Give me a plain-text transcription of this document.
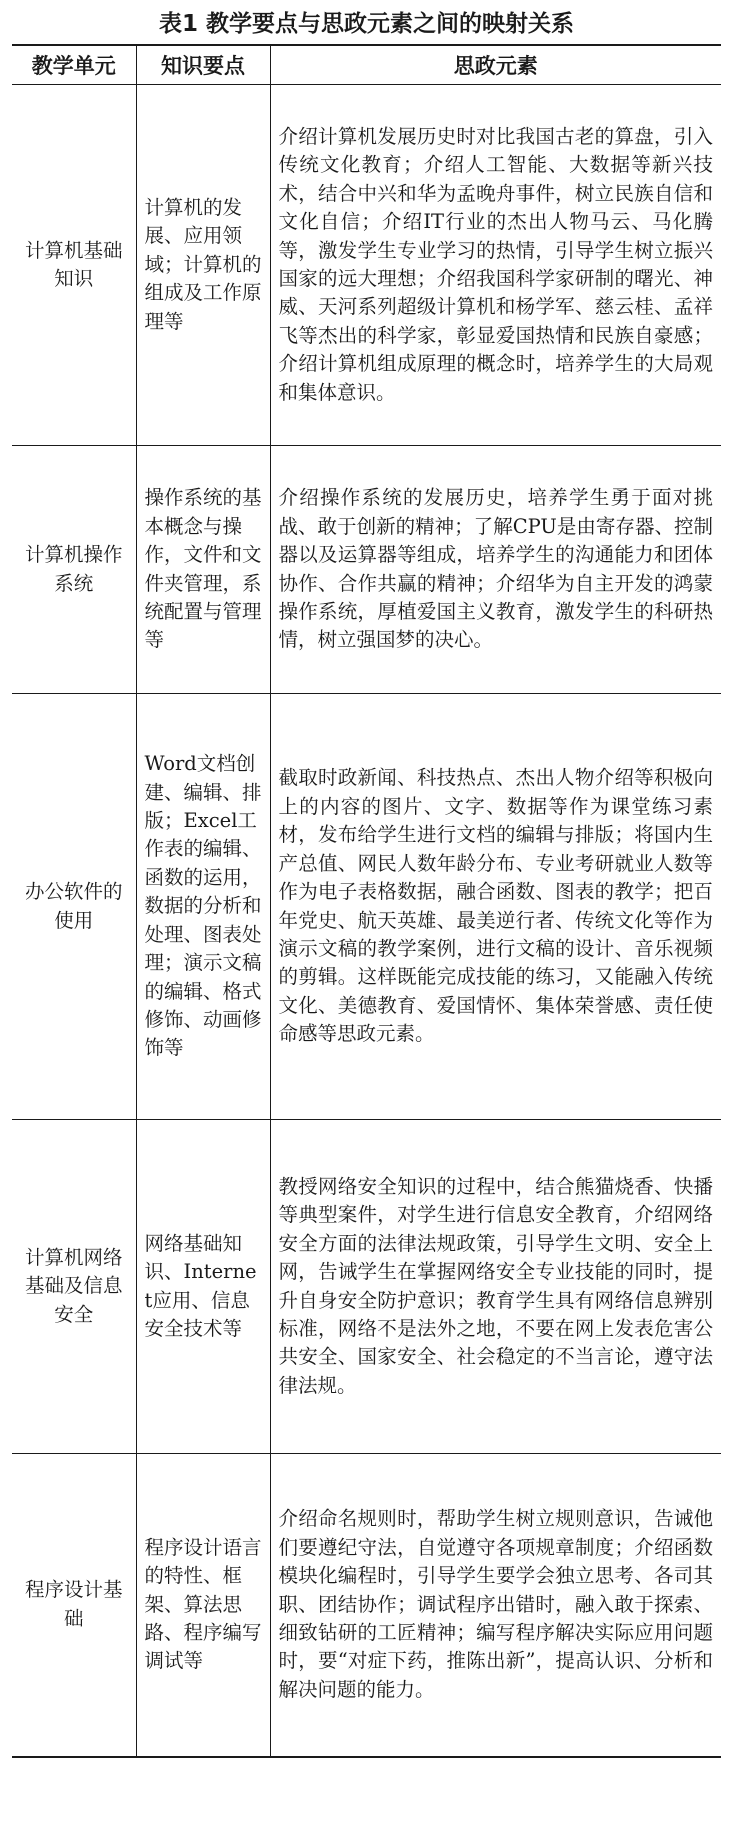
表1 教学要点与思政元素之间的映射关系
教学单元	知识要点	思政元素
计算机基础知识	计算机的发展、应用领域；计算机的组成及工作原理等	介绍计算机发展历史时对比我国古老的算盘，引入传统文化教育；介绍人工智能、大数据等新兴技术，结合中兴和华为孟晚舟事件，树立民族自信和文化自信；介绍IT行业的杰出人物马云、马化腾等，激发学生专业学习的热情，引导学生树立振兴国家的远大理想；介绍我国科学家研制的曙光、神威、天河系列超级计算机和杨学军、慈云桂、孟祥飞等杰出的科学家，彰显爱国热情和民族自豪感；介绍计算机组成原理的概念时，培养学生的大局观和集体意识。
计算机操作系统	操作系统的基本概念与操作，文件和文件夹管理，系统配置与管理等	介绍操作系统的发展历史，培养学生勇于面对挑战、敢于创新的精神；了解CPU是由寄存器、控制器以及运算器等组成，培养学生的沟通能力和团体协作、合作共赢的精神；介绍华为自主开发的鸿蒙操作系统，厚植爱国主义教育，激发学生的科研热情，树立强国梦的决心。
办公软件的使用	Word文档创建、编辑、排版；Excel工作表的编辑、函数的运用，数据的分析和处理、图表处理；演示文稿的编辑、格式修饰、动画修饰等	截取时政新闻、科技热点、杰出人物介绍等积极向上的内容的图片、文字、数据等作为课堂练习素材，发布给学生进行文档的编辑与排版；将国内生产总值、网民人数年龄分布、专业考研就业人数等作为电子表格数据，融合函数、图表的教学；把百年党史、航天英雄、最美逆行者、传统文化等作为演示文稿的教学案例，进行文稿的设计、音乐视频的剪辑。这样既能完成技能的练习，又能融入传统文化、美德教育、爱国情怀、集体荣誉感、责任使命感等思政元素。
计算机网络基础及信息安全	网络基础知识、Internet应用、信息安全技术等	教授网络安全知识的过程中，结合熊猫烧香、快播等典型案件，对学生进行信息安全教育，介绍网络安全方面的法律法规政策，引导学生文明、安全上网，告诫学生在掌握网络安全专业技能的同时，提升自身安全防护意识；教育学生具有网络信息辨别标准，网络不是法外之地，不要在网上发表危害公共安全、国家安全、社会稳定的不当言论，遵守法律法规。
程序设计基础	程序设计语言的特性、框架、算法思路、程序编写调试等	介绍命名规则时，帮助学生树立规则意识，告诫他们要遵纪守法，自觉遵守各项规章制度；介绍函数模块化编程时，引导学生要学会独立思考、各司其职、团结协作；调试程序出错时，融入敢于探索、细致钻研的工匠精神；编写程序解决实际应用问题时，要“对症下药，推陈出新”，提高认识、分析和解决问题的能力。
